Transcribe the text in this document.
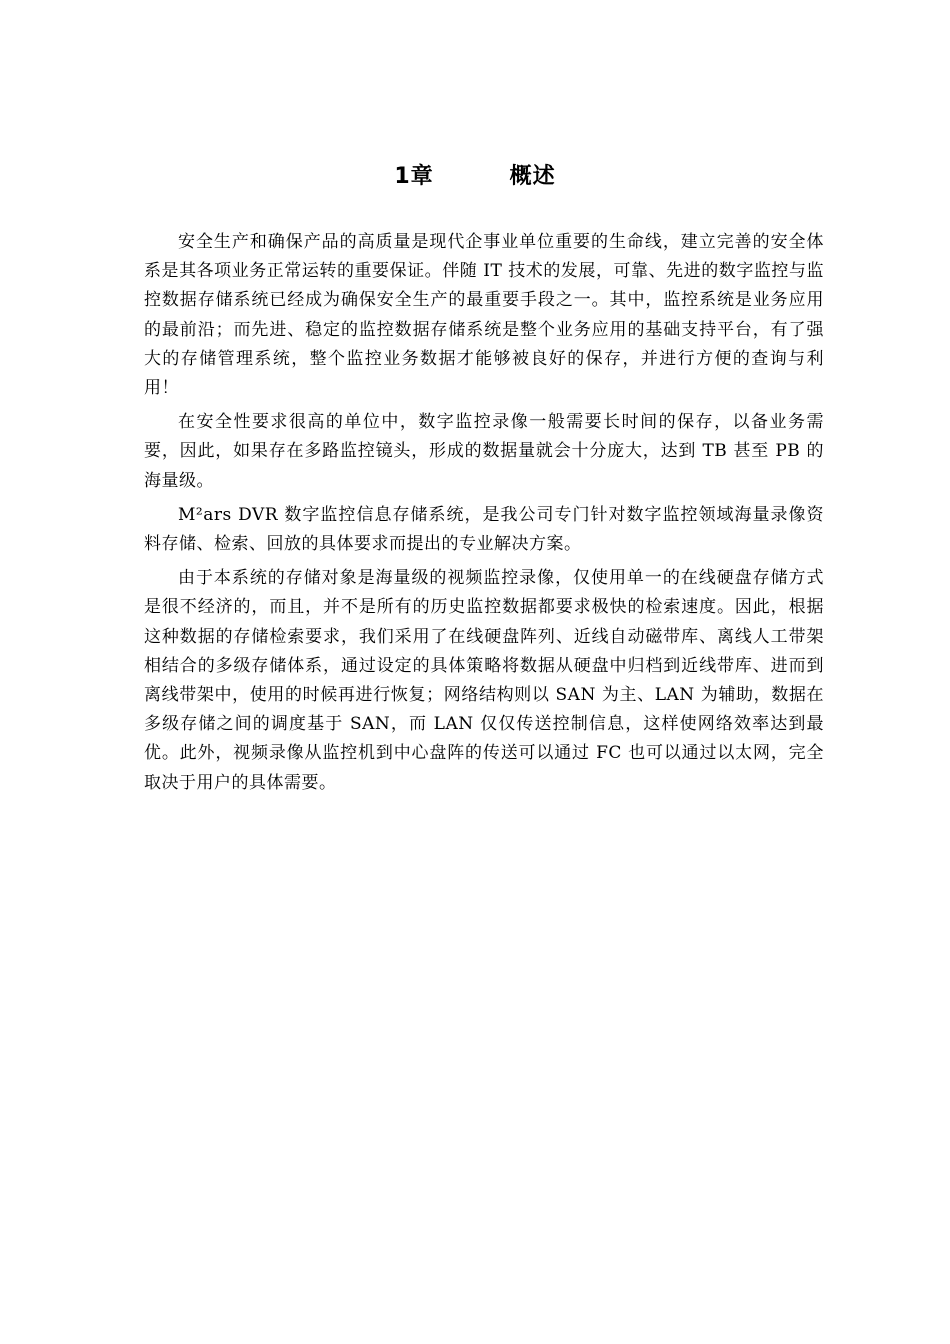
1章	概述

安全生产和确保产品的高质量是现代企事业单位重要的生命线，建立完善的安全体系是其各项业务正常运转的重要保证。伴随 IT 技术的发展，可靠、先进的数字监控与监控数据存储系统已经成为确保安全生产的最重要手段之一。其中，监控系统是业务应用的最前沿；而先进、稳定的监控数据存储系统是整个业务应用的基础支持平台，有了强大的存储管理系统，整个监控业务数据才能够被良好的保存，并进行方便的查询与利用！

在安全性要求很高的单位中，数字监控录像一般需要长时间的保存，以备业务需要，因此，如果存在多路监控镜头，形成的数据量就会十分庞大，达到 TB 甚至 PB 的海量级。

M²ars DVR 数字监控信息存储系统，是我公司专门针对数字监控领域海量录像资料存储、检索、回放的具体要求而提出的专业解决方案。

由于本系统的存储对象是海量级的视频监控录像，仅使用单一的在线硬盘存储方式是很不经济的，而且，并不是所有的历史监控数据都要求极快的检索速度。因此，根据这种数据的存储检索要求，我们采用了在线硬盘阵列、近线自动磁带库、离线人工带架相结合的多级存储体系，通过设定的具体策略将数据从硬盘中归档到近线带库、进而到离线带架中，使用的时候再进行恢复；网络结构则以 SAN 为主、LAN 为辅助，数据在多级存储之间的调度基于 SAN，而 LAN 仅仅传送控制信息，这样使网络效率达到最优。此外，视频录像从监控机到中心盘阵的传送可以通过 FC 也可以通过以太网，完全取决于用户的具体需要。
